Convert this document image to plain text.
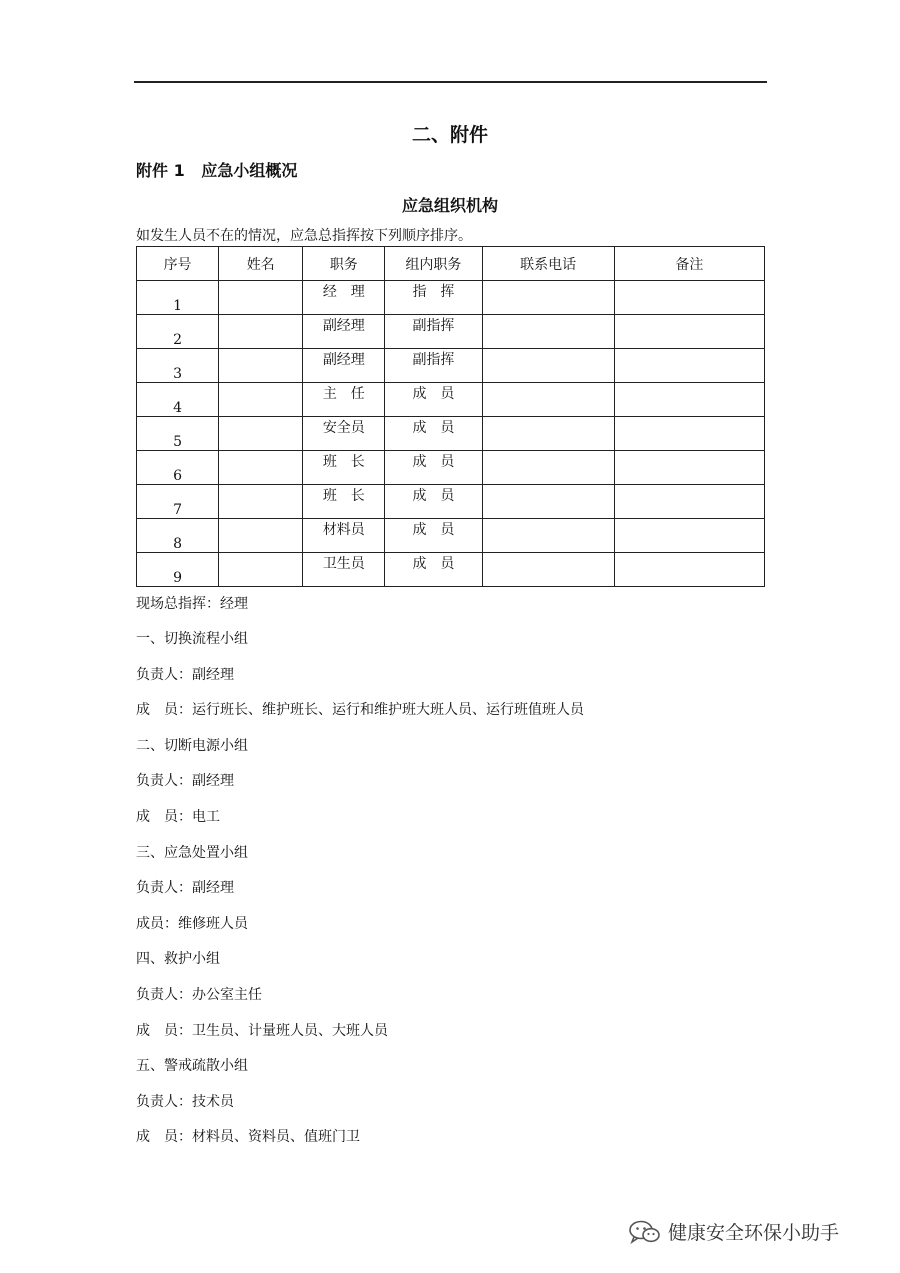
二、附件
附件 1   应急小组概况
应急组织机构
如发生人员不在的情况，应急总指挥按下列顺序排序。
序号	姓名	职务	组内职务	联系电话	备注
1		经　理	指　挥		
2		副经理	副指挥		
3		副经理	副指挥		
4		主　任	成　员		
5		安全员	成　员		
6		班　长	成　员		
7		班　长	成　员		
8		材料员	成　员		
9		卫生员	成　员		
现场总指挥：经理
一、切换流程小组
负责人：副经理
成　员：运行班长、维护班长、运行和维护班大班人员、运行班值班人员
二、切断电源小组
负责人：副经理
成　员：电工
三、应急处置小组
负责人：副经理
成员：维修班人员
四、救护小组
负责人：办公室主任
成　员：卫生员、计量班人员、大班人员
五、警戒疏散小组
负责人：技术员
成　员：材料员、资料员、值班门卫
健康安全环保小助手
